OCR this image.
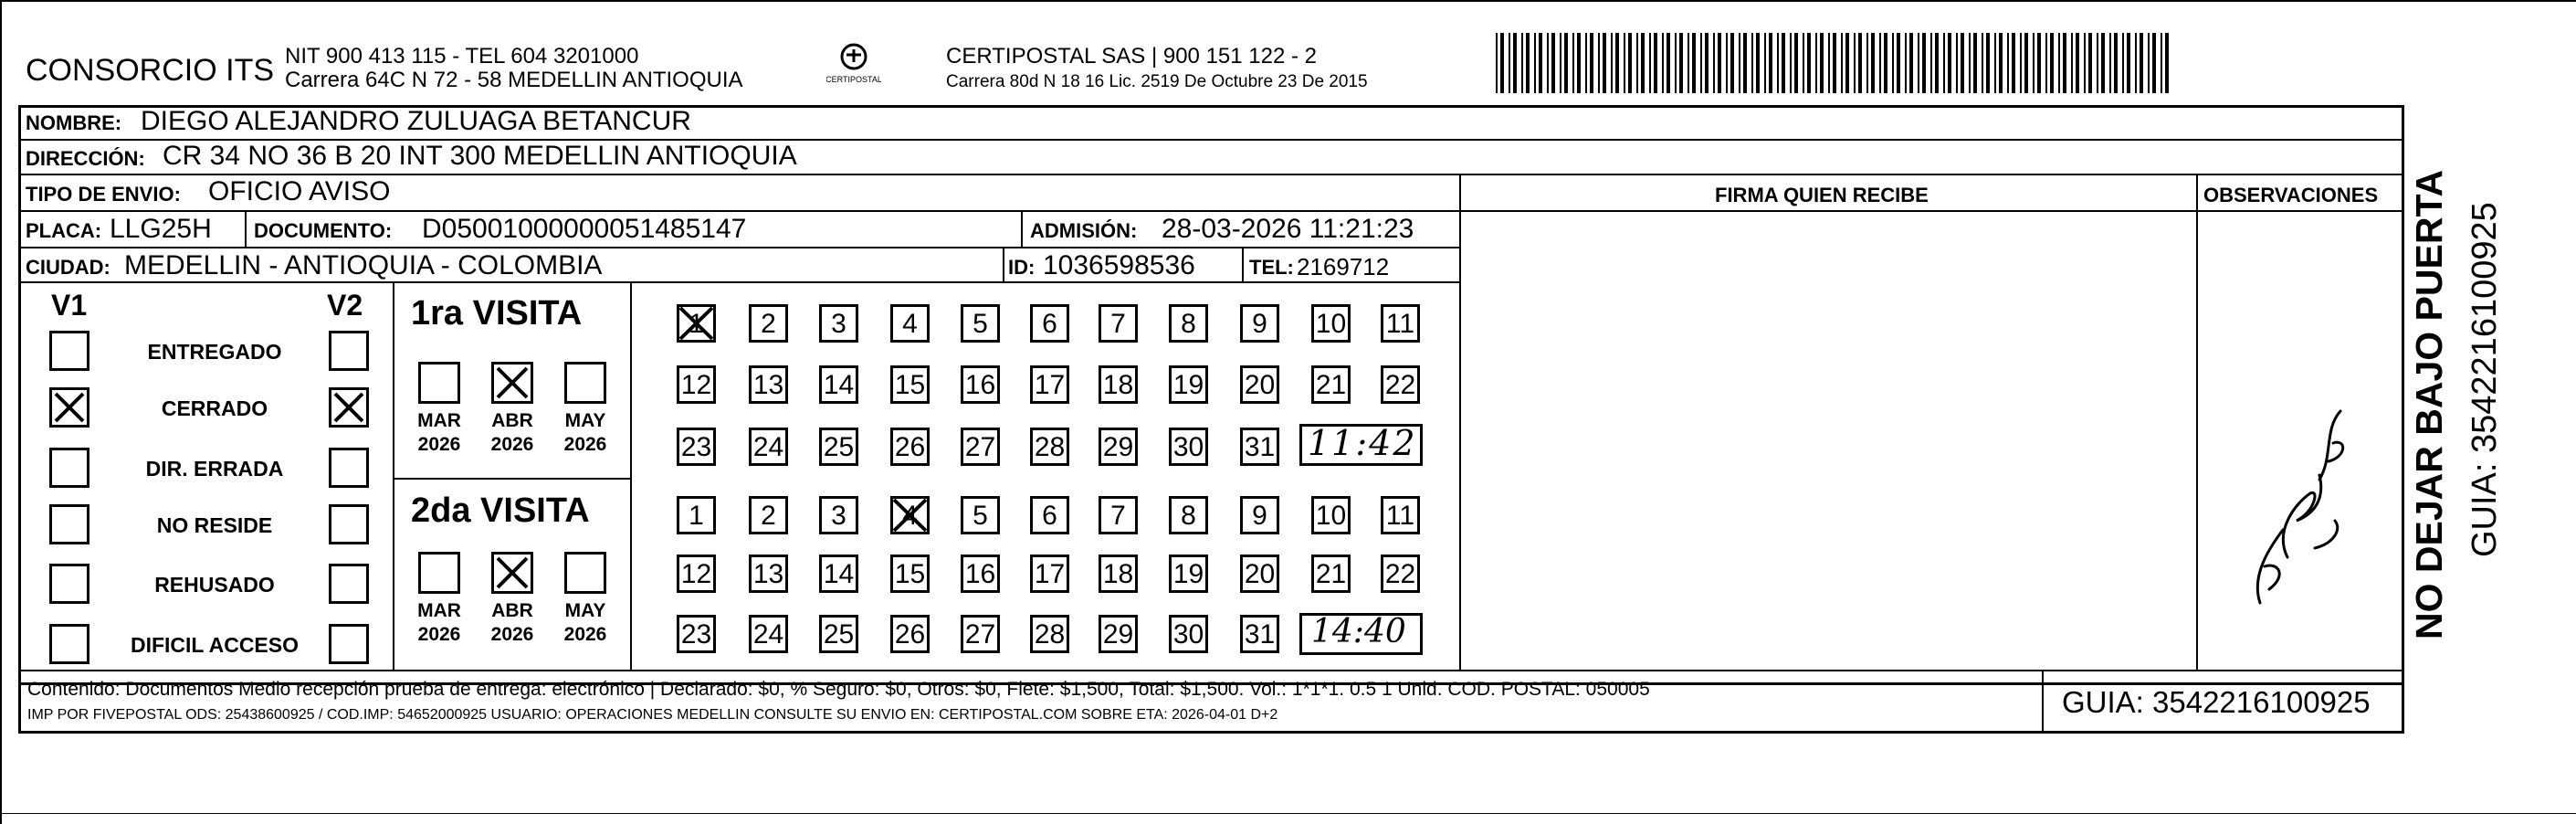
CONSORCIO ITS NIT 900 413 115 - TEL 604 3201000
Carrera 64C N 72 - 58 MEDELLIN ANTIOQUIA	CERTIPOSTAL
CERTIPOSTAL SAS | 900 151 122 - 2
Carrera 80d N 18 16 Lic. 2519 De Octubre 23 De 2015
NOMBRE: DIEGO ALEJANDRO ZULUAGA BETANCUR
DIRECCIÓN: CR 34 NO 36 B 20 INT 300 MEDELLIN ANTIOQUIA
TIPO DE ENVIO: OFICIO AVISO	FIRMA QUIEN RECIBE	OBSERVACIONES
PLACA: LLG25H DOCUMENTO: D05001000000051485147	ADMISIÓN: 28-03-2026 11:21:23
CIUDAD: MEDELLIN - ANTIOQUIA - COLOMBIA	ID: 1036598536	TEL: 2169712
V1	V2
ENTREGADO
CERRADO
DIR. ERRADA
NO RESIDE
REHUSADO
DIFICIL ACCESO
1ra VISITA
MAR
2026
ABR
2026
MAY
2026
1	2	3	4	5	6	7	8	9	10 11
12 13 14 15 16 17 18 19 20 21 22
23 24 25 26 27 28 29 30 31 11:42
2da VISITA
MAR
2026
ABR
2026
MAY
2026
1	2	3	4	5	6	7	8	9	10 11
12 13 14 15 16 17 18 19 20 21 22
23 24 25 26 27 28 29 30 31 14:40
Contenido: Documentos Medio recepción prueba de entrega: electrónico | Declarado: $0, % Seguro: $0, Otros: $0, Flete: $1,500, Total: $1,500. Vol.: 1*1*1. 0.5 1 Unid. COD. POSTAL: 050005
IMP POR FIVEPOSTAL ODS: 25438600925 / COD.IMP: 54652000925 USUARIO: OPERACIONES MEDELLIN CONSULTE SU ENVIO EN: CERTIPOSTAL.COM SOBRE ETA: 2026-04-01 D+2	GUIA: 3542216100925
NO DEJAR BAJO PUERTA GUIA: 3542216100925
